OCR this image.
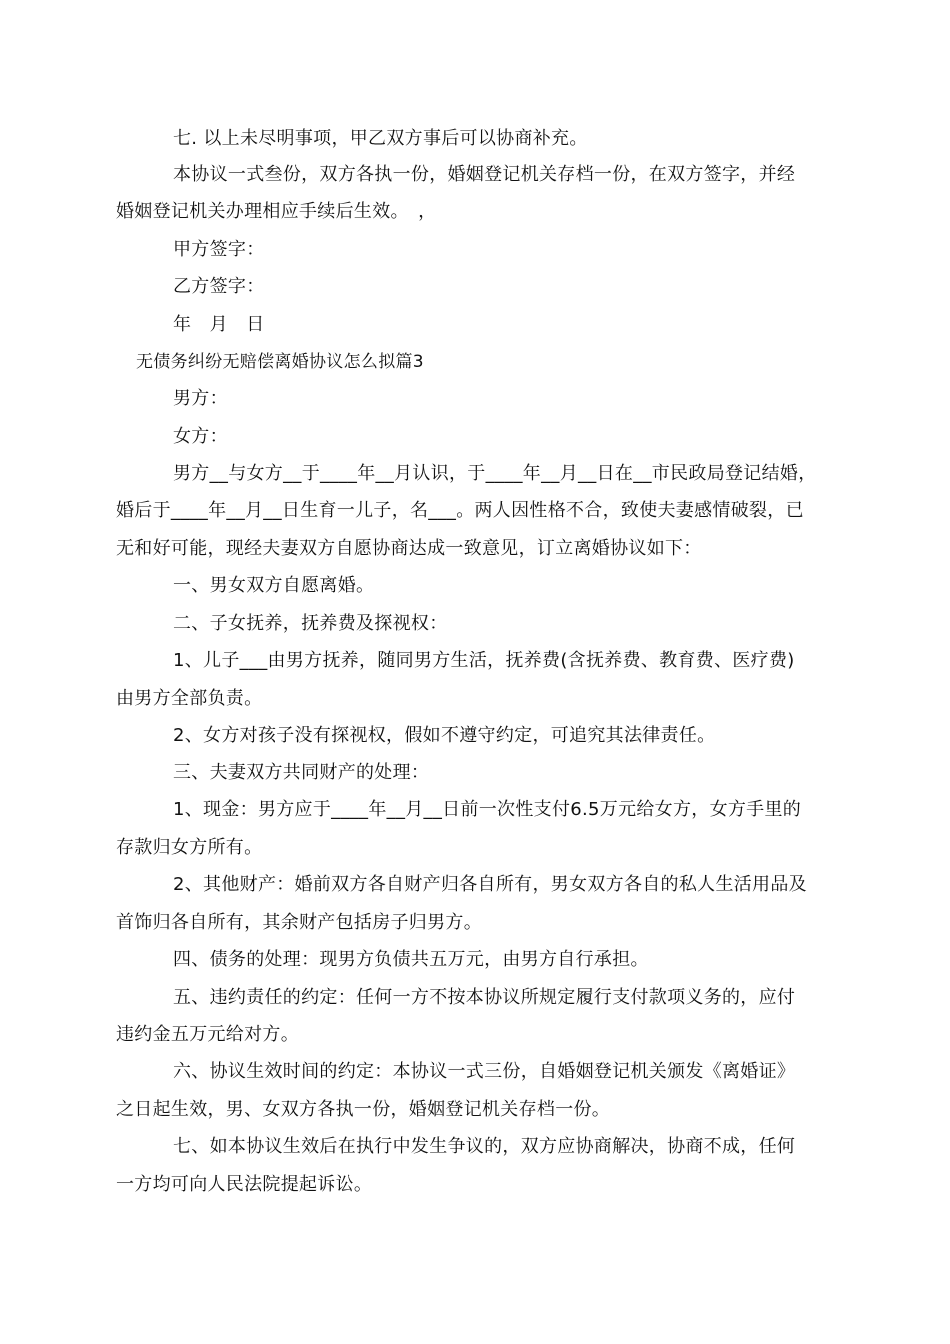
七. 以上未尽明事项，甲乙双方事后可以协商补充。
本协议一式叁份，双方各执一份，婚姻登记机关存档一份，在双方签字，并经
婚姻登记机关办理相应手续后生效。　，
甲方签字：
乙方签字：
年　月　日
无债务纠纷无赔偿离婚协议怎么拟篇3
男方：
女方：
男方__与女方__于____年__月认识，于____年__月__日在__市民政局登记结婚，
婚后于____年__月__日生育一儿子，名___。两人因性格不合，致使夫妻感情破裂，已
无和好可能，现经夫妻双方自愿协商达成一致意见，订立离婚协议如下：
一、男女双方自愿离婚。
二、子女抚养，抚养费及探视权：
1、儿子___由男方抚养，随同男方生活，抚养费(含抚养费、教育费、医疗费)
由男方全部负责。
2、女方对孩子没有探视权，假如不遵守约定，可追究其法律责任。
三、夫妻双方共同财产的处理：
1、现金：男方应于____年__月__日前一次性支付6.5万元给女方，女方手里的
存款归女方所有。
2、其他财产：婚前双方各自财产归各自所有，男女双方各自的私人生活用品及
首饰归各自所有，其余财产包括房子归男方。
四、债务的处理：现男方负债共五万元，由男方自行承担。
五、违约责任的约定：任何一方不按本协议所规定履行支付款项义务的，应付
违约金五万元给对方。
六、协议生效时间的约定：本协议一式三份，自婚姻登记机关颁发《离婚证》
之日起生效，男、女双方各执一份，婚姻登记机关存档一份。
七、如本协议生效后在执行中发生争议的，双方应协商解决，协商不成，任何
一方均可向人民法院提起诉讼。
